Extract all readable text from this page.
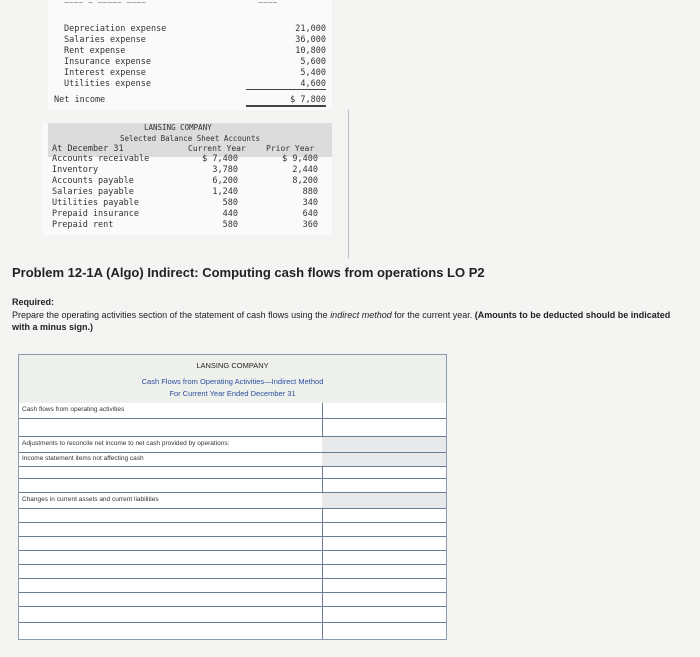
~~~~ ~ ~~~~~ ~~~~	~~~~
Depreciation expense	21,000
Salaries expense	36,000
Rent expense	10,800
Insurance expense	5,600
Interest expense	5,400
Utilities expense	4,600
Net income	$ 7,800
LANSING COMPANY
Selected Balance Sheet Accounts
At December 31	Current Year	Prior Year
Accounts receivable	$ 7,400	$ 9,400
Inventory	3,780	2,440
Accounts payable	6,200	8,200
Salaries payable	1,240	880
Utilities payable	580	340
Prepaid insurance	440	640
Prepaid rent	580	360
Problem 12-1A (Algo) Indirect: Computing cash flows from operations LO P2
Required:
Prepare the operating activities section of the statement of cash flows using the indirect method for the current year. (Amounts to be deducted should be indicated with a minus sign.)
LANSING COMPANY
Cash Flows from Operating Activities—Indirect Method
For Current Year Ended December 31
Cash flows from operating activities
Adjustments to reconcile net income to net cash provided by operations:
Income statement items not affecting cash
Changes in current assets and current liabilities
